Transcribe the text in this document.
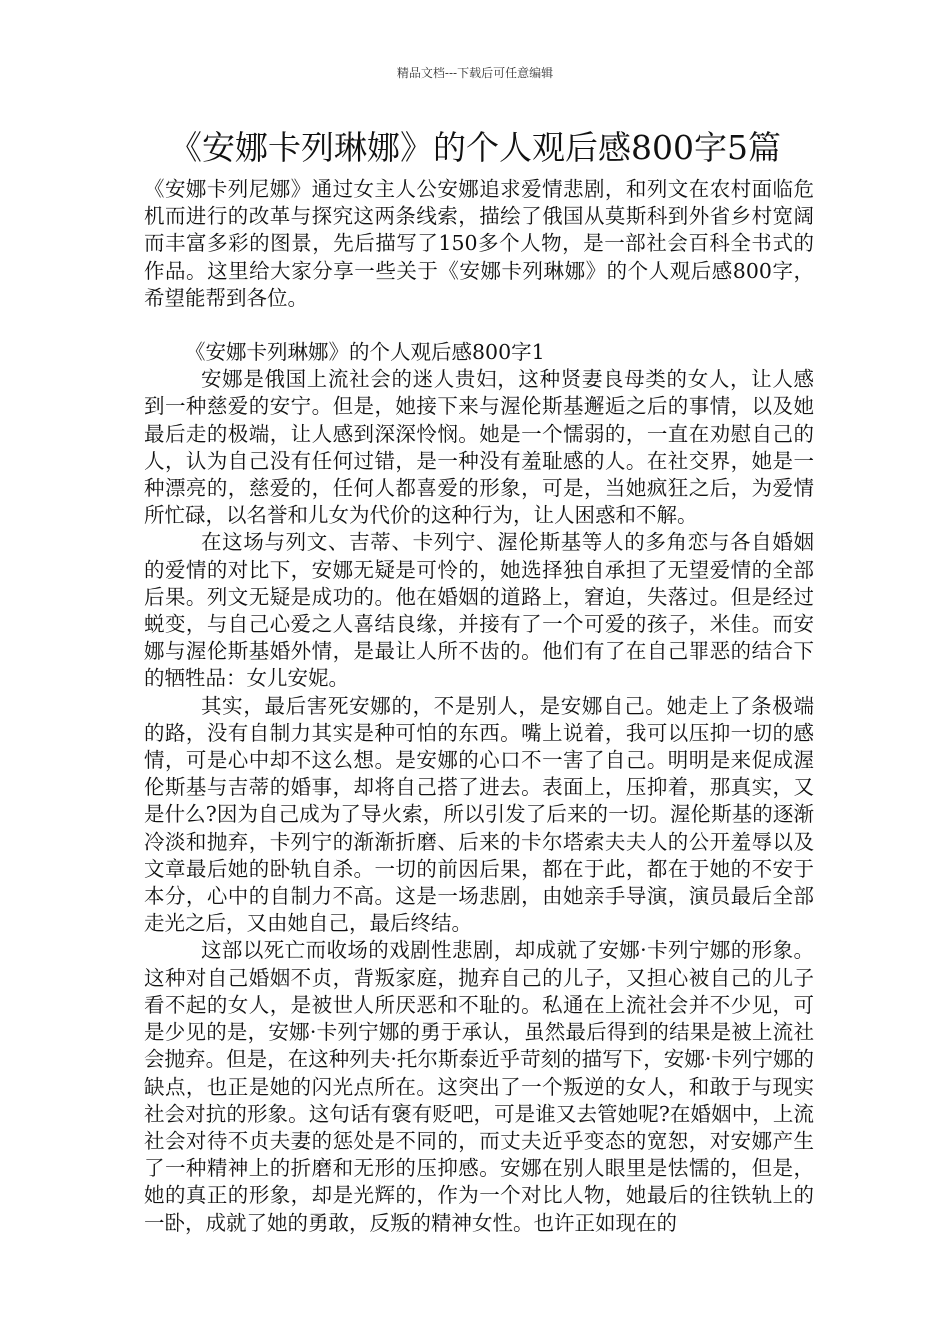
精品文档---下载后可任意编辑
《安娜卡列琳娜》的个人观后感800字5篇

《安娜卡列尼娜》通过女主人公安娜追求爱情悲剧，和列文在农村面临危机而进行的改革与探究这两条线索，描绘了俄国从莫斯科到外省乡村宽阔而丰富多彩的图景，先后描写了150多个人物，是一部社会百科全书式的作品。这里给大家分享一些关于《安娜卡列琳娜》的个人观后感800字，希望能帮到各位。

《安娜卡列琳娜》的个人观后感800字1

安娜是俄国上流社会的迷人贵妇，这种贤妻良母类的女人，让人感到一种慈爱的安宁。但是，她接下来与渥伦斯基邂逅之后的事情，以及她最后走的极端，让人感到深深怜悯。她是一个懦弱的，一直在劝慰自己的人，认为自己没有任何过错，是一种没有羞耻感的人。在社交界，她是一种漂亮的，慈爱的，任何人都喜爱的形象，可是，当她疯狂之后，为爱情所忙碌，以名誉和儿女为代价的这种行为，让人困惑和不解。

在这场与列文、吉蒂、卡列宁、渥伦斯基等人的多角恋与各自婚姻的爱情的对比下，安娜无疑是可怜的，她选择独自承担了无望爱情的全部后果。列文无疑是成功的。他在婚姻的道路上，窘迫，失落过。但是经过蜕变，与自己心爱之人喜结良缘，并接有了一个可爱的孩子，米佳。而安娜与渥伦斯基婚外情，是最让人所不齿的。他们有了在自己罪恶的结合下的牺牲品：女儿安妮。

其实，最后害死安娜的，不是别人，是安娜自己。她走上了条极端的路，没有自制力其实是种可怕的东西。嘴上说着，我可以压抑一切的感情，可是心中却不这么想。是安娜的心口不一害了自己。明明是来促成渥伦斯基与吉蒂的婚事，却将自己搭了进去。表面上，压抑着，那真实，又是什么?因为自己成为了导火索，所以引发了后来的一切。渥伦斯基的逐渐冷淡和抛弃，卡列宁的渐渐折磨、后来的卡尔塔索夫夫人的公开羞辱以及文章最后她的卧轨自杀。一切的前因后果，都在于此，都在于她的不安于本分，心中的自制力不高。这是一场悲剧，由她亲手导演，演员最后全部走光之后，又由她自己，最后终结。

这部以死亡而收场的戏剧性悲剧，却成就了安娜·卡列宁娜的形象。这种对自己婚姻不贞，背叛家庭，抛弃自己的儿子，又担心被自己的儿子看不起的女人，是被世人所厌恶和不耻的。私通在上流社会并不少见，可是少见的是，安娜·卡列宁娜的勇于承认，虽然最后得到的结果是被上流社会抛弃。但是，在这种列夫·托尔斯泰近乎苛刻的描写下，安娜·卡列宁娜的缺点，也正是她的闪光点所在。这突出了一个叛逆的女人，和敢于与现实社会对抗的形象。这句话有褒有贬吧，可是谁又去管她呢?在婚姻中，上流社会对待不贞夫妻的惩处是不同的，而丈夫近乎变态的宽恕，对安娜产生了一种精神上的折磨和无形的压抑感。安娜在别人眼里是怯懦的，但是，她的真正的形象，却是光辉的，作为一个对比人物，她最后的往铁轨上的一卧，成就了她的勇敢，反叛的精神女性。也许正如现在的
